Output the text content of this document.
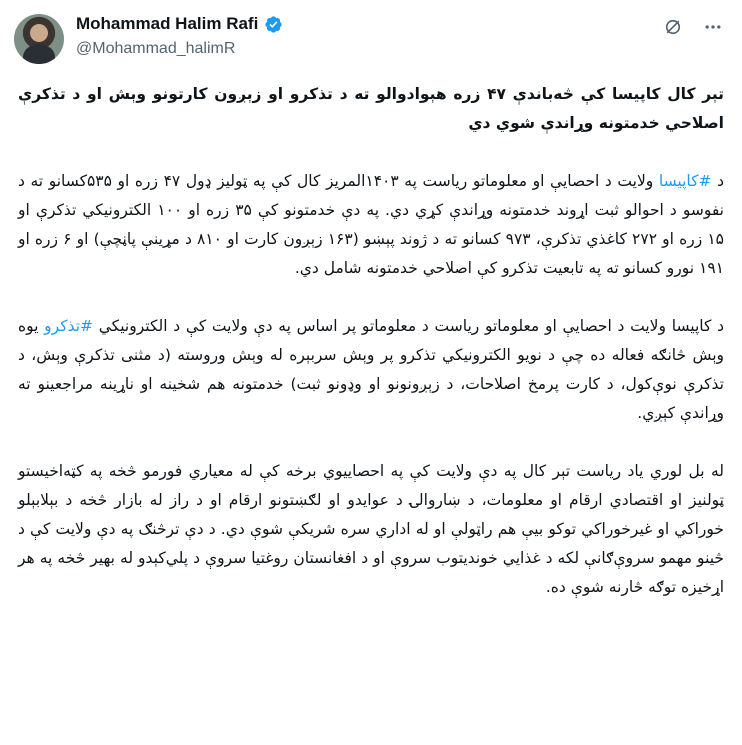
Mohammad Halim Rafi
@Mohammad_halimR

تېر کال کاپیسا کې څه‌باندې ۴۷ زره هېوادوالو ته د تذکرو او زېږون کارتونو وېش او د تذکرې اصلاحي خدمتونه وړاندې شوي دي

د #کاپیسا ولایت د احصایې او معلوماتو ریاست په ۱۴۰۳المریز کال کې په ټولیز ډول ۴۷ زره او ۵۳۵کسانو ته د نفوسو د احوالو ثبت اړوند خدمتونه وړاندې کړي دي. په دې خدمتونو کې ۳۵ زره او ۱۰۰ الکترونیکي تذکرې او ۱۵ زره او ۲۷۲ کاغذي تذکرې، ۹۷۳ کسانو ته د ژوند پېښو (۱۶۳ زېږون کارت او ۸۱۰ د مړینې پاڼچې) او ۶ زره او ۱۹۱ نورو کسانو ته په تابعیت تذکرو کې اصلاحي خدمتونه شامل دي.

د کاپیسا ولایت د احصایې او معلوماتو ریاست د معلوماتو پر اساس په دې ولایت کې د الکترونیکي #تذکرو یوه وېش څانګه فعاله ده چې د نویو الکترونیکي تذکرو پر وېش سربېره له وېش وروسته (د مثنی تذکرې وېش، د تذکرې نوې‌کول، د کارت پرمخ اصلاحات، د زېږونونو او وډونو ثبت) خدمتونه هم شخینه او ناړینه مراجعینو ته وړاندې کېږي.

له بل لوري یاد ریاست تېر کال په دې ولایت کې په احصاییوي برخه کې له معیاري فورمو څخه په کټه‌اخیستو ټولنیز او اقتصادي ارقام او معلومات، د ښاروالۍ د عوایدو او لګښتونو ارقام او د راز له بازار څخه د بېلابېلو خوراکي او غیرخوراکي توکو بیې هم راټولې او له اداري سره شریکې شوې دي. د دې ترڅنګ په دې ولایت کې د څینو مهمو سروې‌ګانې لکه د غذایي خوندیتوب سروې او د افغانستان روغتیا سروې د پلي‌کېدو له بهیر څخه په هر اړخیزه توګه څارنه شوې ده.
